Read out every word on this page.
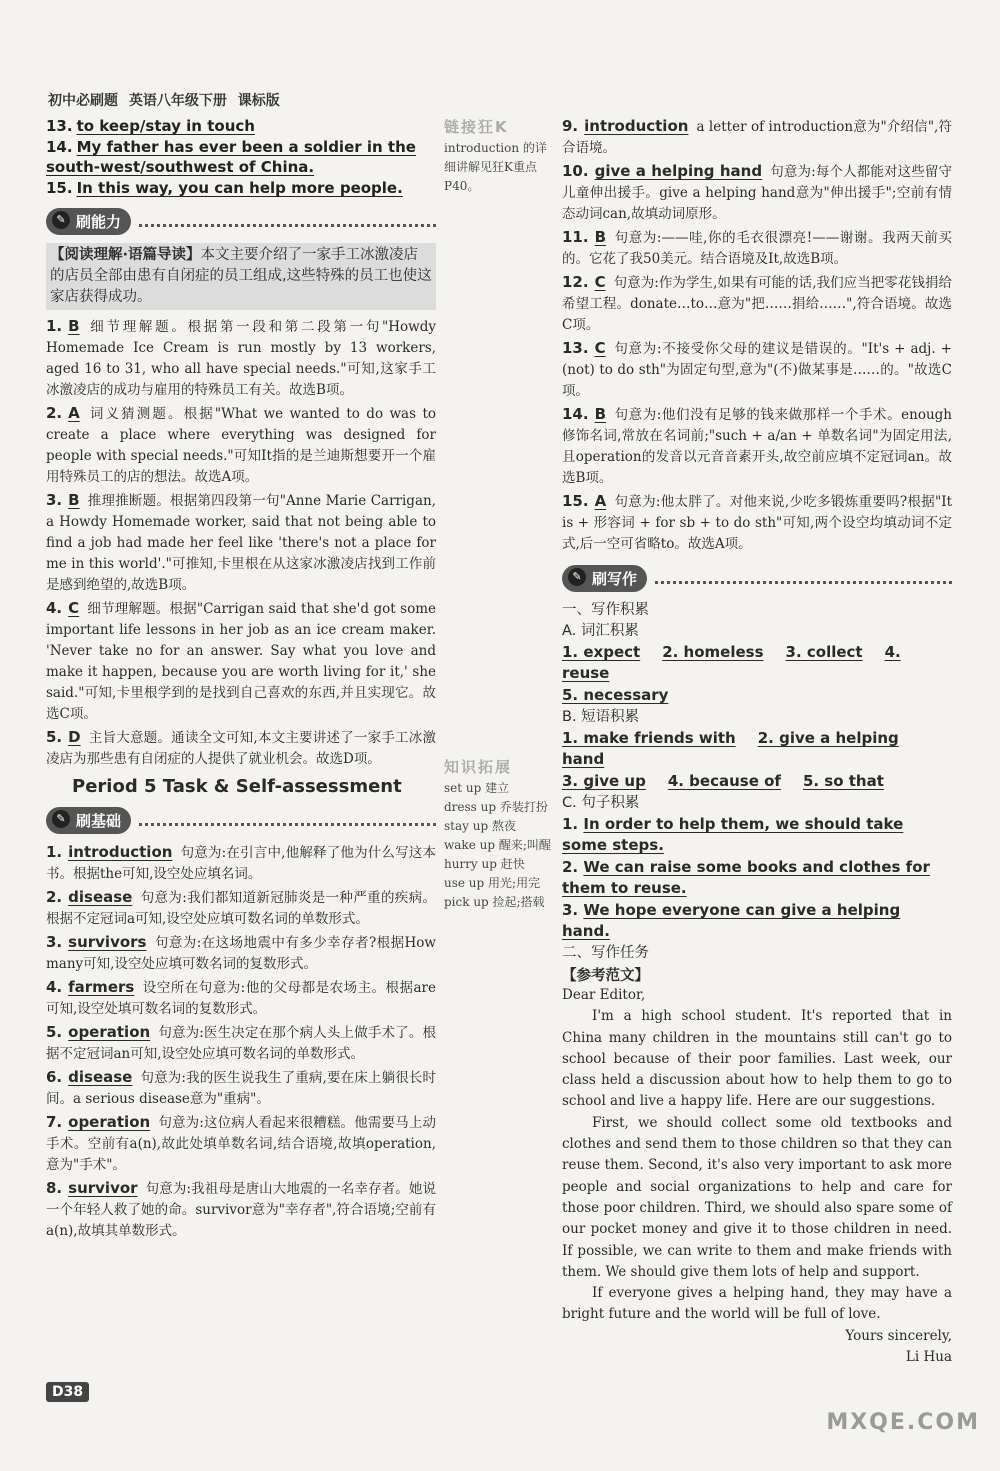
初中必刷题 英语八年级下册 课标版
13. to keep/stay in touch
14. My father has ever been a soldier in the south-west/southwest of China.
15. In this way, you can help more people.
✎ 刷能力
【阅读理解·语篇导读】本文主要介绍了一家手工冰激凌店的店员全部由患有自闭症的员工组成,这些特殊的员工也使这家店获得成功。
1. B 细节理解题。根据第一段和第二段第一句"Howdy Homemade Ice Cream is run mostly by 13 workers, aged 16 to 31, who all have special needs."可知,这家手工冰激凌店的成功与雇用的特殊员工有关。故选B项。
2. A 词义猜测题。根据"What we wanted to do was to create a place where everything was designed for people with special needs."可知It指的是兰迪斯想要开一个雇用特殊员工的店的想法。故选A项。
3. B 推理推断题。根据第四段第一句"Anne Marie Carrigan, a Howdy Homemade worker, said that not being able to find a job had made her feel like 'there's not a place for me in this world'."可推知,卡里根在从这家冰激凌店找到工作前是感到绝望的,故选B项。
4. C 细节理解题。根据"Carrigan said that she'd got some important life lessons in her job as an ice cream maker. 'Never take no for an answer. Say what you love and make it happen, because you are worth living for it,' she said."可知,卡里根学到的是找到自己喜欢的东西,并且实现它。故选C项。
5. D 主旨大意题。通读全文可知,本文主要讲述了一家手工冰激凌店为那些患有自闭症的人提供了就业机会。故选D项。
Period 5 Task & Self-assessment
✎ 刷基础
1. introduction 句意为:在引言中,他解释了他为什么写这本书。根据the可知,设空处应填名词。
2. disease 句意为:我们都知道新冠肺炎是一种严重的疾病。根据不定冠词a可知,设空处应填可数名词的单数形式。
3. survivors 句意为:在这场地震中有多少幸存者?根据How many可知,设空处应填可数名词的复数形式。
4. farmers 设空所在句意为:他的父母都是农场主。根据are可知,设空处填可数名词的复数形式。
5. operation 句意为:医生决定在那个病人头上做手术了。根据不定冠词an可知,设空处应填可数名词的单数形式。
6. disease 句意为:我的医生说我生了重病,要在床上躺很长时间。a serious disease意为"重病"。
7. operation 句意为:这位病人看起来很糟糕。他需要马上动手术。空前有a(n),故此处填单数名词,结合语境,故填operation,意为"手术"。
8. survivor 句意为:我祖母是唐山大地震的一名幸存者。她说一个年轻人救了她的命。survivor意为"幸存者",符合语境;空前有a(n),故填其单数形式。
链接狂K
introduction 的详细讲解见狂K重点P40。
知识拓展
set up 建立
dress up 乔装打扮
stay up 熬夜
wake up 醒来;叫醒
hurry up 赶快
use up 用光;用完
pick up 捡起;搭载
9. introduction a letter of introduction意为"介绍信",符合语境。
10. give a helping hand 句意为:每个人都能对这些留守儿童伸出援手。give a helping hand意为"伸出援手";空前有情态动词can,故填动词原形。
11. B 句意为:——哇,你的毛衣很漂亮!——谢谢。我两天前买的。它花了我50美元。结合语境及It,故选B项。
12. C 句意为:作为学生,如果有可能的话,我们应当把零花钱捐给希望工程。donate…to…意为"把……捐给……",符合语境。故选C项。
13. C 句意为:不接受你父母的建议是错误的。"It's + adj. + (not) to do sth"为固定句型,意为"(不)做某事是……的。"故选C项。
14. B 句意为:他们没有足够的钱来做那样一个手术。enough修饰名词,常放在名词前;"such + a/an + 单数名词"为固定用法,且operation的发音以元音音素开头,故空前应填不定冠词an。故选B项。
15. A 句意为:他太胖了。对他来说,少吃多锻炼重要吗?根据"It is + 形容词 + for sb + to do sth"可知,两个设空均填动词不定式,后一空可省略to。故选A项。
✎ 刷写作
一、写作积累
A. 词汇积累
1. expect 2. homeless 3. collect 4. reuse
5. necessary
B. 短语积累
1. make friends with 2. give a helping hand
3. give up 4. because of 5. so that
C. 句子积累
1. In order to help them, we should take some steps.
2. We can raise some books and clothes for them to reuse.
3. We hope everyone can give a helping hand.
二、写作任务
【参考范文】

Dear Editor,

I'm a high school student. It's reported that in China many children in the mountains still can't go to school because of their poor families. Last week, our class held a discussion about how to help them to go to school and live a happy life. Here are our suggestions.

First, we should collect some old textbooks and clothes and send them to those children so that they can reuse them. Second, it's also very important to ask more people and social organizations to help and care for those poor children. Third, we should also spare some of our pocket money and give it to those children in need. If possible, we can write to them and make friends with them. We should give them lots of help and support.

If everyone gives a helping hand, they may have a bright future and the world will be full of love.

Yours sincerely,

Li Hua

D38
MXQE.COM
